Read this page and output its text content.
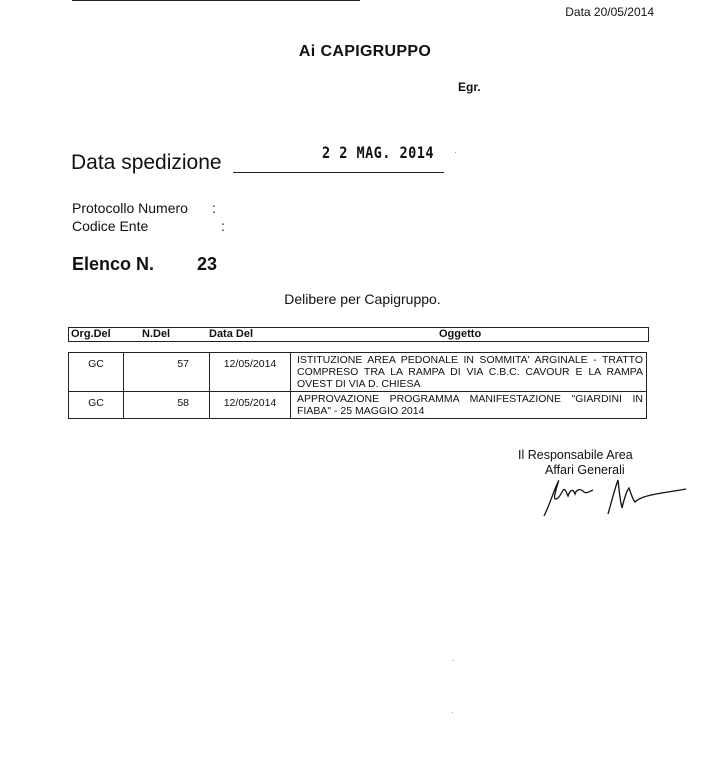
Data 20/05/2014
Ai CAPIGRUPPO
Egr.
Data spedizione	2 2 MAG. 2014
Protocollo Numero :
Codice Ente	:
Elenco N. 23
Delibere per Capigruppo.
Org.Del	N.Del	Data Del	Oggetto
GC	57	12/05/2014	ISTITUZIONE AREA PEDONALE IN SOMMITA' ARGINALE - TRATTO COMPRESO TRA LA RAMPA DI VIA C.B.C. CAVOUR E LA RAMPA OVEST DI VIA D. CHIESA
GC	58	12/05/2014	APPROVAZIONE PROGRAMMA MANIFESTAZIONE "GIARDINI IN FIABA" - 25 MAGGIO 2014
Il Responsabile Area
Affari Generali
